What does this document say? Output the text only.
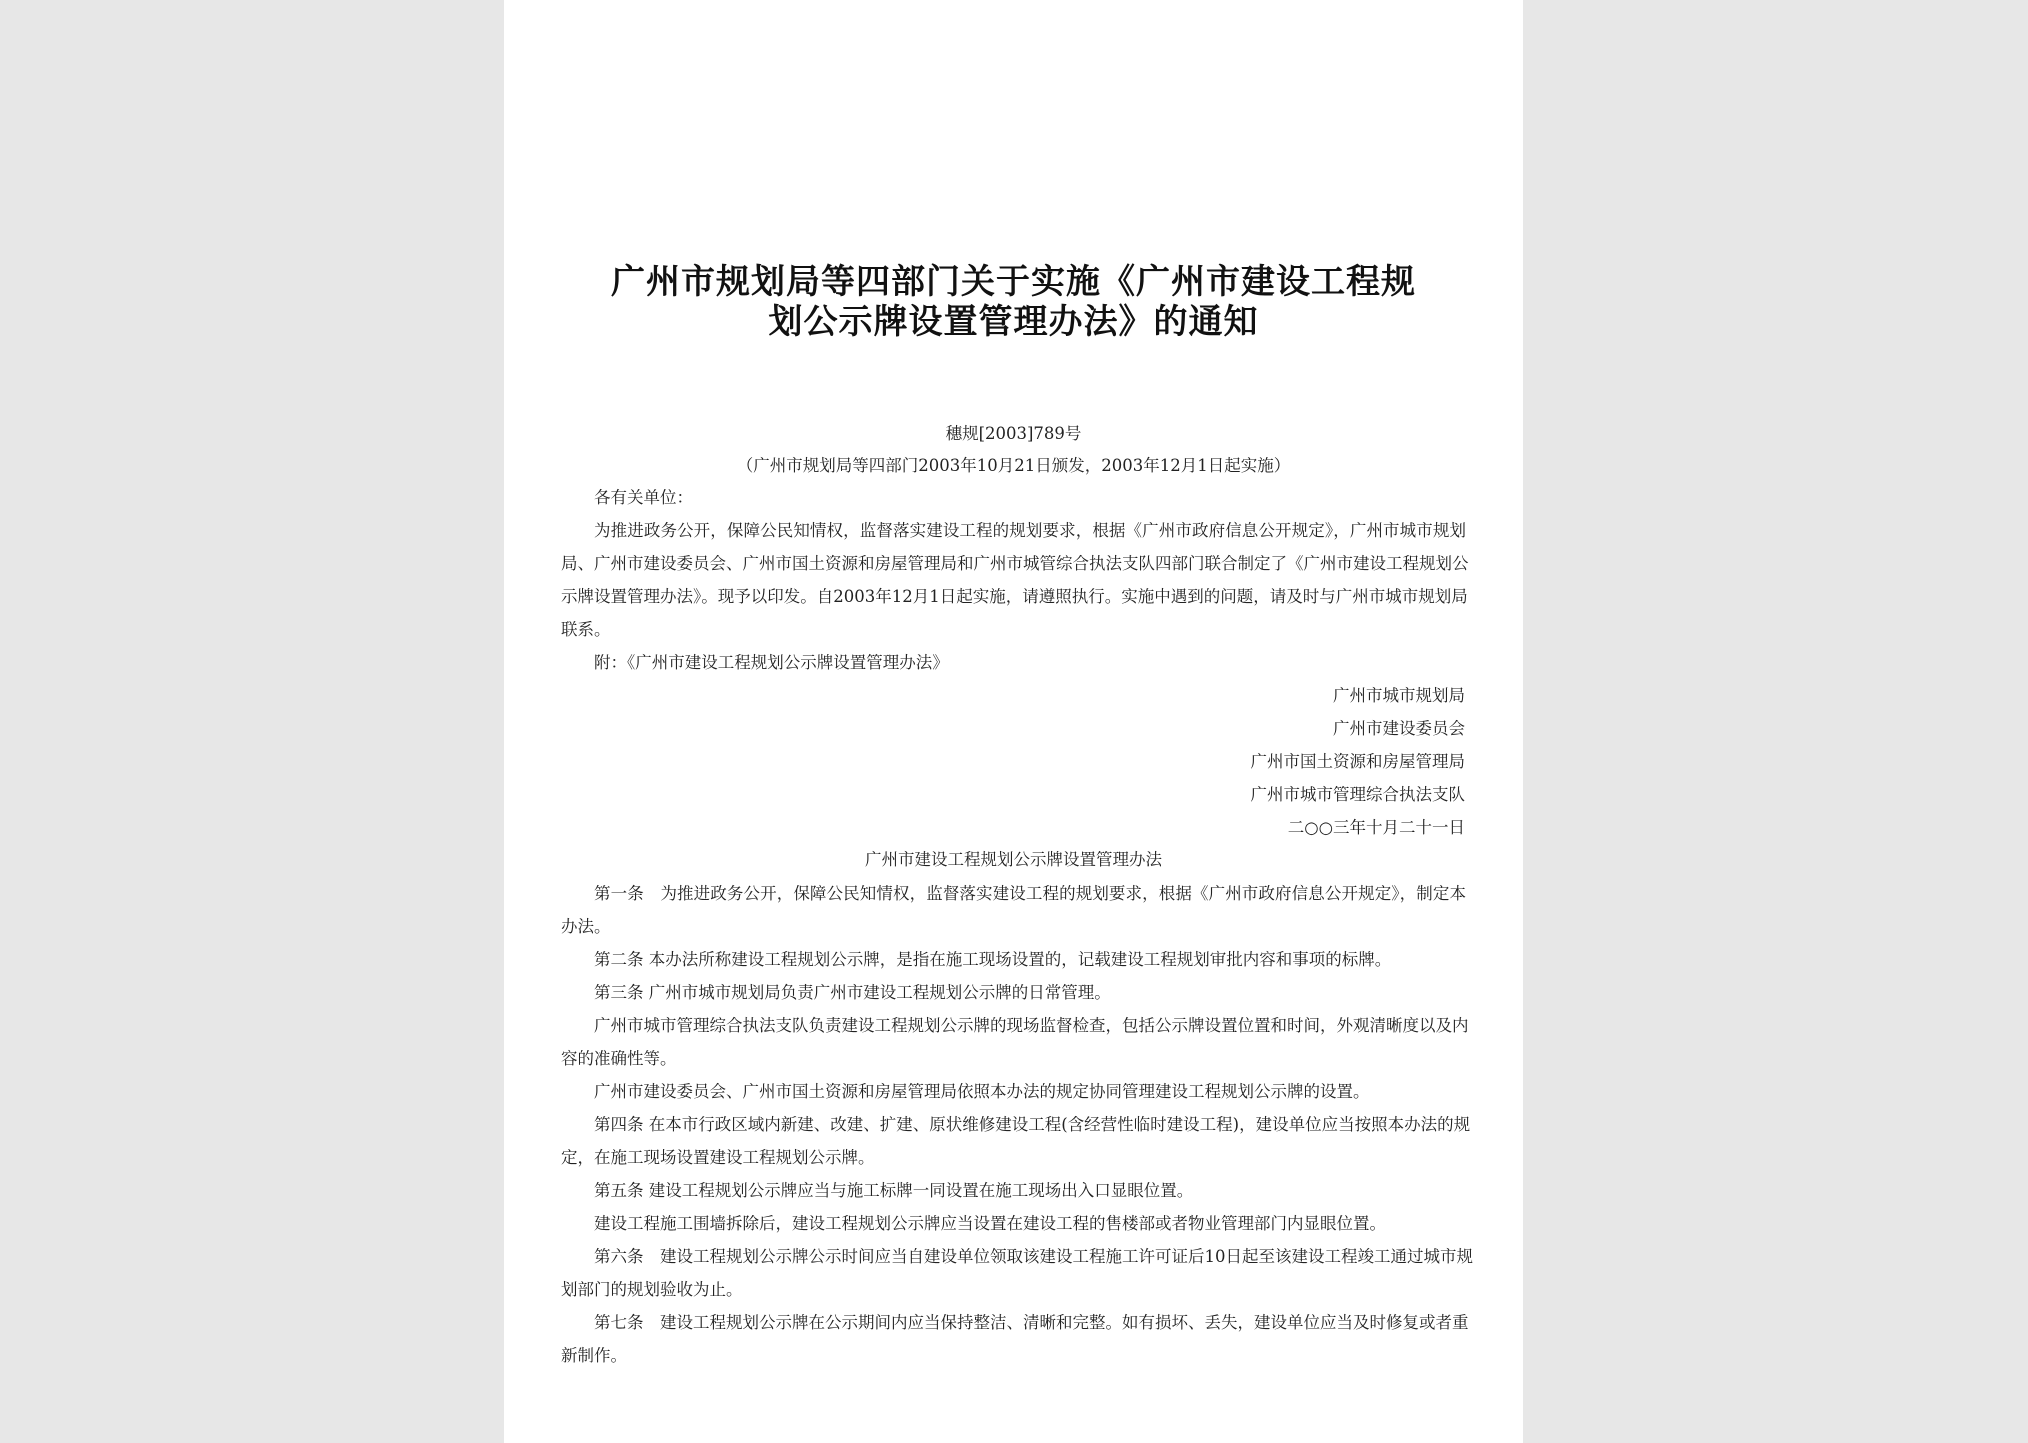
广州市规划局等四部门关于实施《广州市建设工程规
划公示牌设置管理办法》的通知
穗规[2003]789号
（广州市规划局等四部门2003年10月21日颁发，2003年12月1日起实施）
各有关单位：
为推进政务公开，保障公民知情权，监督落实建设工程的规划要求，根据《广州市政府信息公开规定》，广州市城市规划
局、广州市建设委员会、广州市国土资源和房屋管理局和广州市城管综合执法支队四部门联合制定了《广州市建设工程规划公
示牌设置管理办法》。现予以印发。自2003年12月1日起实施，请遵照执行。实施中遇到的问题，请及时与广州市城市规划局
联系。
附：《广州市建设工程规划公示牌设置管理办法》
广州市城市规划局
广州市建设委员会
广州市国土资源和房屋管理局
广州市城市管理综合执法支队
二○○三年十月二十一日
广州市建设工程规划公示牌设置管理办法
第一条　为推进政务公开，保障公民知情权，监督落实建设工程的规划要求，根据《广州市政府信息公开规定》，制定本
办法。
第二条 本办法所称建设工程规划公示牌，是指在施工现场设置的，记载建设工程规划审批内容和事项的标牌。
第三条 广州市城市规划局负责广州市建设工程规划公示牌的日常管理。
广州市城市管理综合执法支队负责建设工程规划公示牌的现场监督检查，包括公示牌设置位置和时间，外观清晰度以及内
容的准确性等。
广州市建设委员会、广州市国土资源和房屋管理局依照本办法的规定协同管理建设工程规划公示牌的设置。
第四条 在本市行政区域内新建、改建、扩建、原状维修建设工程(含经营性临时建设工程)，建设单位应当按照本办法的规
定，在施工现场设置建设工程规划公示牌。
第五条 建设工程规划公示牌应当与施工标牌一同设置在施工现场出入口显眼位置。
建设工程施工围墙拆除后，建设工程规划公示牌应当设置在建设工程的售楼部或者物业管理部门内显眼位置。
第六条　建设工程规划公示牌公示时间应当自建设单位领取该建设工程施工许可证后10日起至该建设工程竣工通过城市规
划部门的规划验收为止。
第七条　建设工程规划公示牌在公示期间内应当保持整洁、清晰和完整。如有损坏、丢失，建设单位应当及时修复或者重
新制作。
